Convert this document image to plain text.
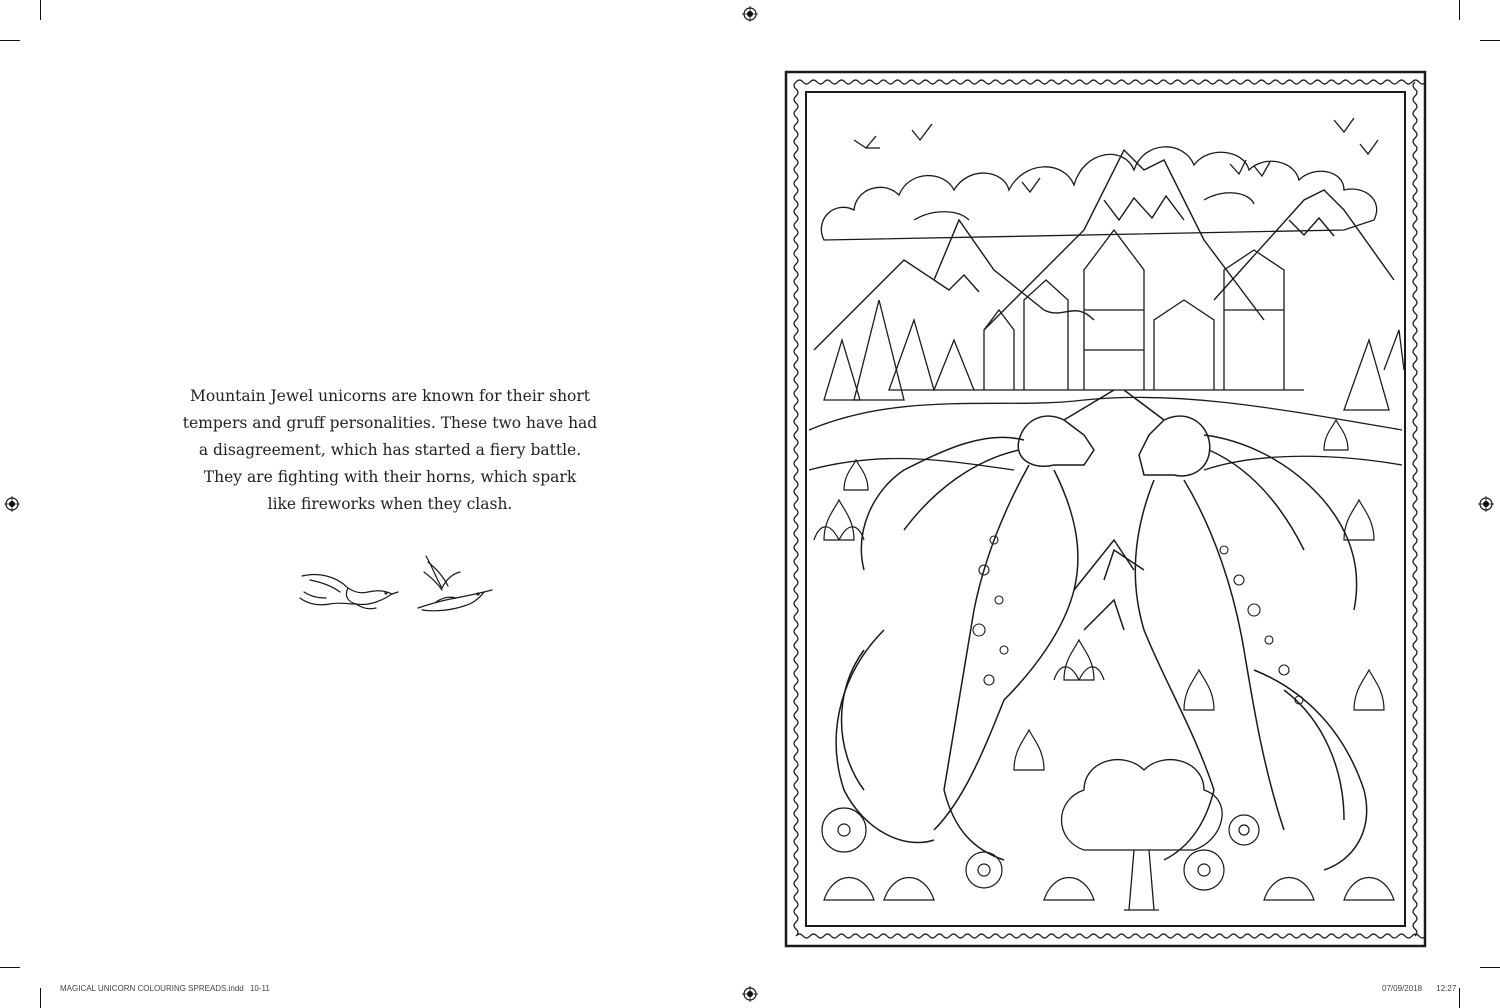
Mountain Jewel unicorns are known for their short
tempers and gruff personalities. These two have had
a disagreement, which has started a fiery battle.
They are fighting with their horns, which spark
like fireworks when they clash.

MAGICAL UNICORN COLOURING SPREADS.indd 10-11	07/09/2018 12:27
